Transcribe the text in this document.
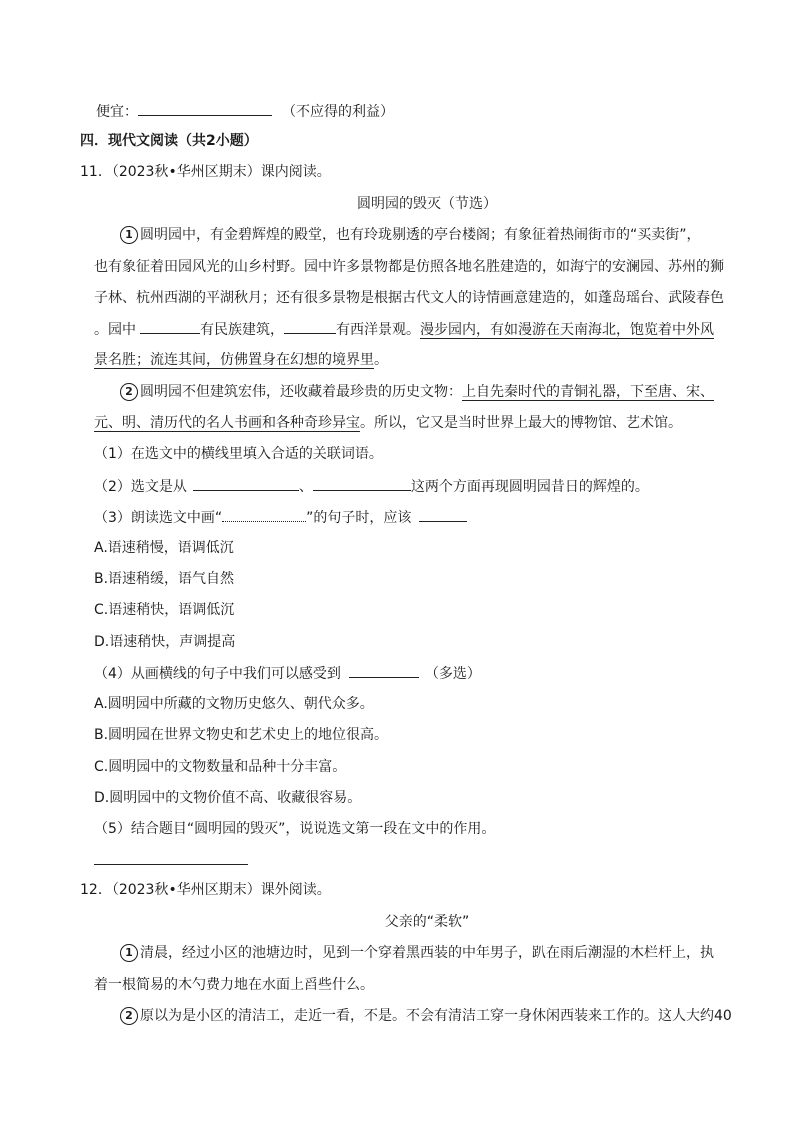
便宜：	（不应得的利益）
四．现代文阅读（共2小题）
11．（2023秋•华州区期末）课内阅读。
圆明园的毁灭（节选）
1 圆明园中，有金碧辉煌的殿堂，也有玲珑剔透的亭台楼阁；有象征着热闹街市的“买卖街”，
也有象征着田园风光的山乡村野。园中许多景物都是仿照各地名胜建造的，如海宁的安澜园、苏州的狮
子林、杭州西湖的平湖秋月；还有很多景物是根据古代文人的诗情画意建造的，如蓬岛瑶台、武陵春色
。园中	有民族建筑，	有西洋景观。漫步园内，有如漫游在天南海北，饱览着中外风
景名胜；流连其间，仿佛置身在幻想的境界里。
2 圆明园不但建筑宏伟，还收藏着最珍贵的历史文物：上自先秦时代的青铜礼器，下至唐、宋、
元、明、清历代的名人书画和各种奇珍异宝。所以，它又是当时世界上最大的博物馆、艺术馆。
（1）在选文中的横线里填入合适的关联词语。
（2）选文是从	、	这两个方面再现圆明园昔日的辉煌的。
（3）朗读选文中画“	”的句子时，应该
A.语速稍慢，语调低沉
B.语速稍缓，语气自然
C.语速稍快，语调低沉
D.语速稍快，声调提高
（4）从画横线的句子中我们可以感受到	（多选）
A.圆明园中所藏的文物历史悠久、朝代众多。
B.圆明园在世界文物史和艺术史上的地位很高。
C.圆明园中的文物数量和品种十分丰富。
D.圆明园中的文物价值不高、收藏很容易。
（5）结合题目“圆明园的毁灭”，说说选文第一段在文中的作用。
12．（2023秋•华州区期末）课外阅读。
父亲的“柔软”
1 清晨，经过小区的池塘边时，见到一个穿着黑西装的中年男子，趴在雨后潮湿的木栏杆上，执
着一根简易的木勺费力地在水面上舀些什么。
2 原以为是小区的清洁工，走近一看，不是。不会有清洁工穿一身休闲西装来工作的。这人大约40
